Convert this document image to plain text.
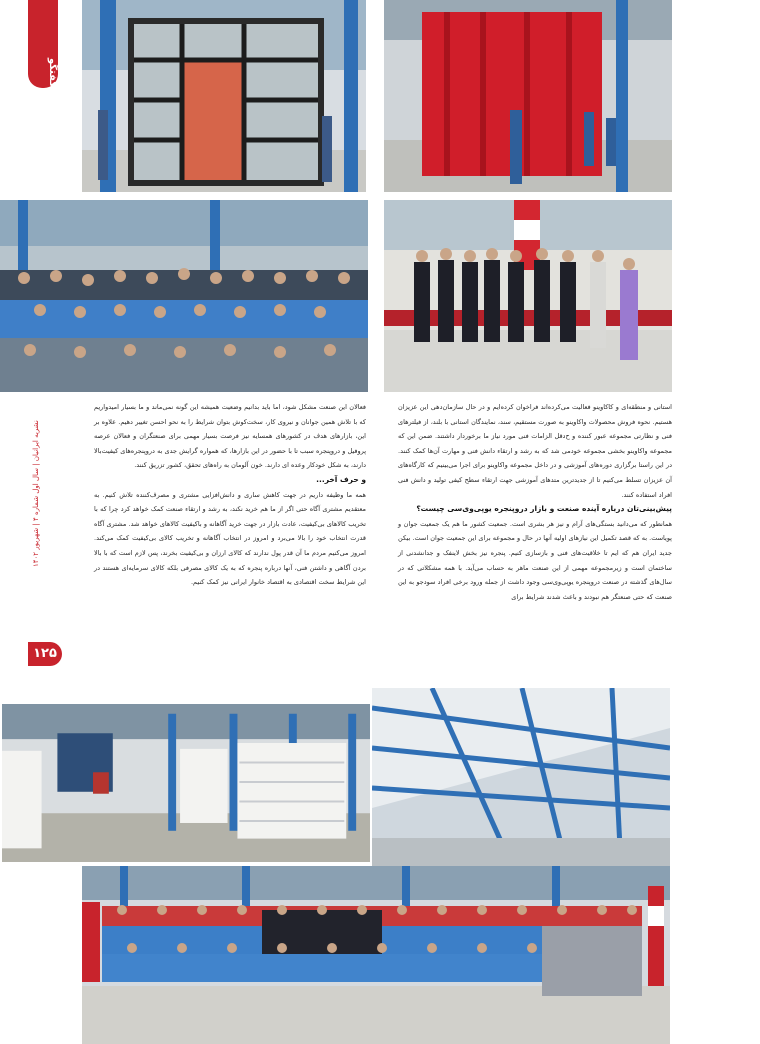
گفتگو
استانی و منطقه‌ای و کاکاوینو فعالیت می‌کرده‌اند فراخوان کرده‌ایم و در حال ساز‌مان‌دهی این عزیزان هستیم. نحوه فروش محصولات واکاوینو به صورت مستقیم، سند، نمایندگان استانی با بلند، از فیلترهای فنی و نظارتی مجموعه عبور کننده و ح‌دقل الزامات فنی مورد نیاز ما برخوردار داشتند. ضمن این که مجموعه واکاوینو بخشی مجموعه خودمی شد که به رشد و ارتقاء دانش فنی و مهارت آن‌ها کمک کنند. در این راستا برگزاری دوره‌های آموزشی و در داخل مجموعه واکاوینو برای اجرا می‌بینیم که کارگاه‌های آن عزیزان تسلط می‌کنیم تا از جدیدترین متدهای آموزشی جهت ارتقاء سطح کیفی تولید و دانش فنی افراد استفاده کنند.
پیش‌بینی‌تان درباره آینده صنعت و بازار درو‌پنجره یو‌پی‌وی‌سی چیست؟
همانطور که می‌دانید بستگی‌های آرام و نیز هر بشری است. جمعیت کشور ما هم یک جمعیت جوان و پویاست. به که قصد تکمیل این نیازهای اولیه آنها در حال و مجموعه برای این جمعیت جوان است. بیکن جدید ایران هم که ایم تا خلاقیت‌های فنی و بازسازی کنیم. پنجره نیز بخش لاینفک و جدانشدنی از ساختمان است و زیرمجموعه مهمی از این صنعت ماهر به حساب می‌آید. با همه مشکلاتی که در سال‌های گذشته در صنعت درو‌پنجره یو‌پی‌وی‌سی وجود داشت از جمله ورود برخی افراد سودجو به این صنعت که حتی صنعتگر هم نبودند و باعث شدند شرایط برای
فعالان این صنعت مشکل شود، اما باید بدانیم وضعیت همیشه این گونه نمی‌ماند و ما بسیار امیدواریم که با تلاش همین جوانان و نیروی کار، سخت‌کوش بتوان شرایط را به نحو احسن تغییر دهیم. علاوه بر این، بازارهای هدف در کشورهای همسایه نیز فرصت بسیار مهمی برای صنعتگران و فعالان عرصه پروفیل و درو‌پنجره سبب تا با حضور در این بازارها، که همواره گرایش جدی به درو‌پنجره‌های کیفیت‌بالا دارند، به شکل خودکار وعده ای دارند. خون آلومان به راه‌های تحقق، کشور تزریق کنند.
و حرف آخر...
همه ما وظیفه داریم در جهت کاهش ساری و دانش‌افزایی مشتری و مصرف‌کننده تلاش کنیم. به معتقدیم مشتری آگاه حتی اگر از ما هم خرید نکند، به رشد و ارتقاء صنعت کمک خواهد کرد چرا که با تخریب کالاهای بی‌کیفیت، عادت بازار در جهت خرید آگاهانه و باکیفیت کالاهای خواهد شد. مشتری آگاه قدرت انتخاب خود را بالا می‌برد و امروز در انتخاب آگاهانه و تخریب کالای بی‌کیفیت کمک می‌کند. امروز می‌کنیم مردم ما آن قدر پول ندارند که کالای ارزان و بی‌کیفیت بخرند، پس لازم است که با بالا بردن آگاهی و داشتن فنی، آنها درباره پنجره که به یک کالای مصرفی بلکه کالای سرمایه‌ای هستند در این شرایط سخت اقتصادی به اقتصاد خانوار ایرانی نیز کمک کنیم.
نشریه ایرانیان | سال اول شماره ۴ | شهریور ۱۴۰۲
۱۲۵
